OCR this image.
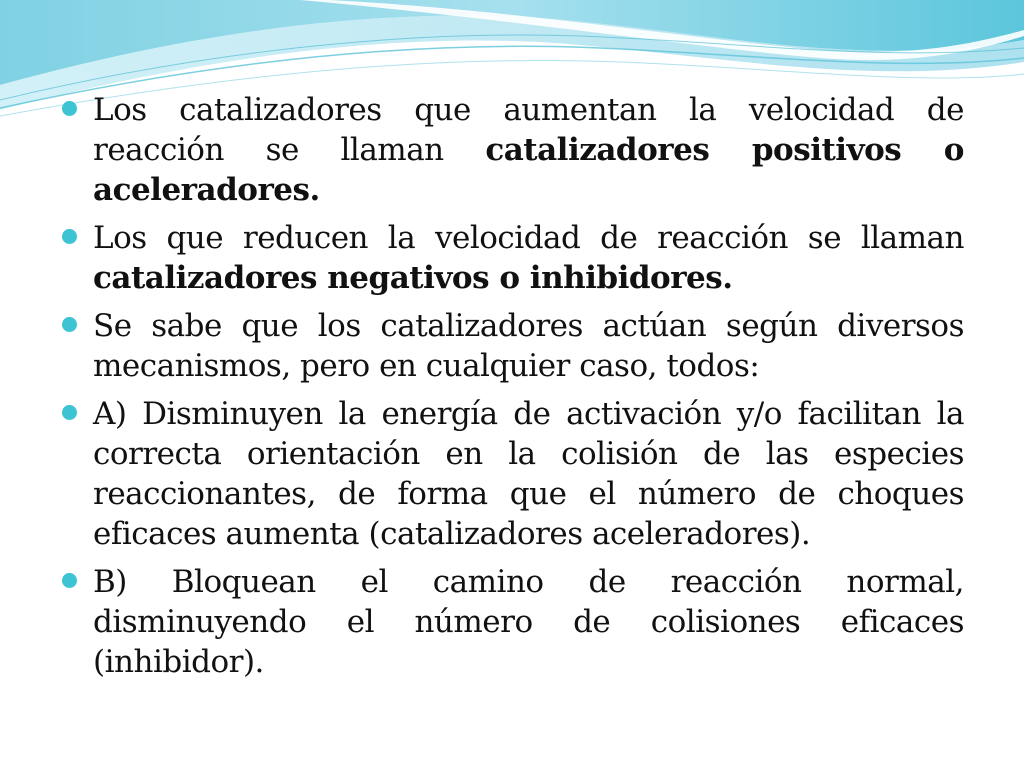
Los catalizadores que aumentan la velocidad de reacción se llaman catalizadores positivos o aceleradores.
Los que reducen la velocidad de reacción se llaman catalizadores negativos o inhibidores.
Se sabe que los catalizadores actúan según diversos mecanismos, pero en cualquier caso, todos:
A) Disminuyen la energía de activación y/o facilitan la correcta orientación en la colisión de las especies reaccionantes, de forma que el número de choques eficaces aumenta (catalizadores aceleradores).
B) Bloquean el camino de reacción normal, disminuyendo el número de colisiones eficaces (inhibidor).
